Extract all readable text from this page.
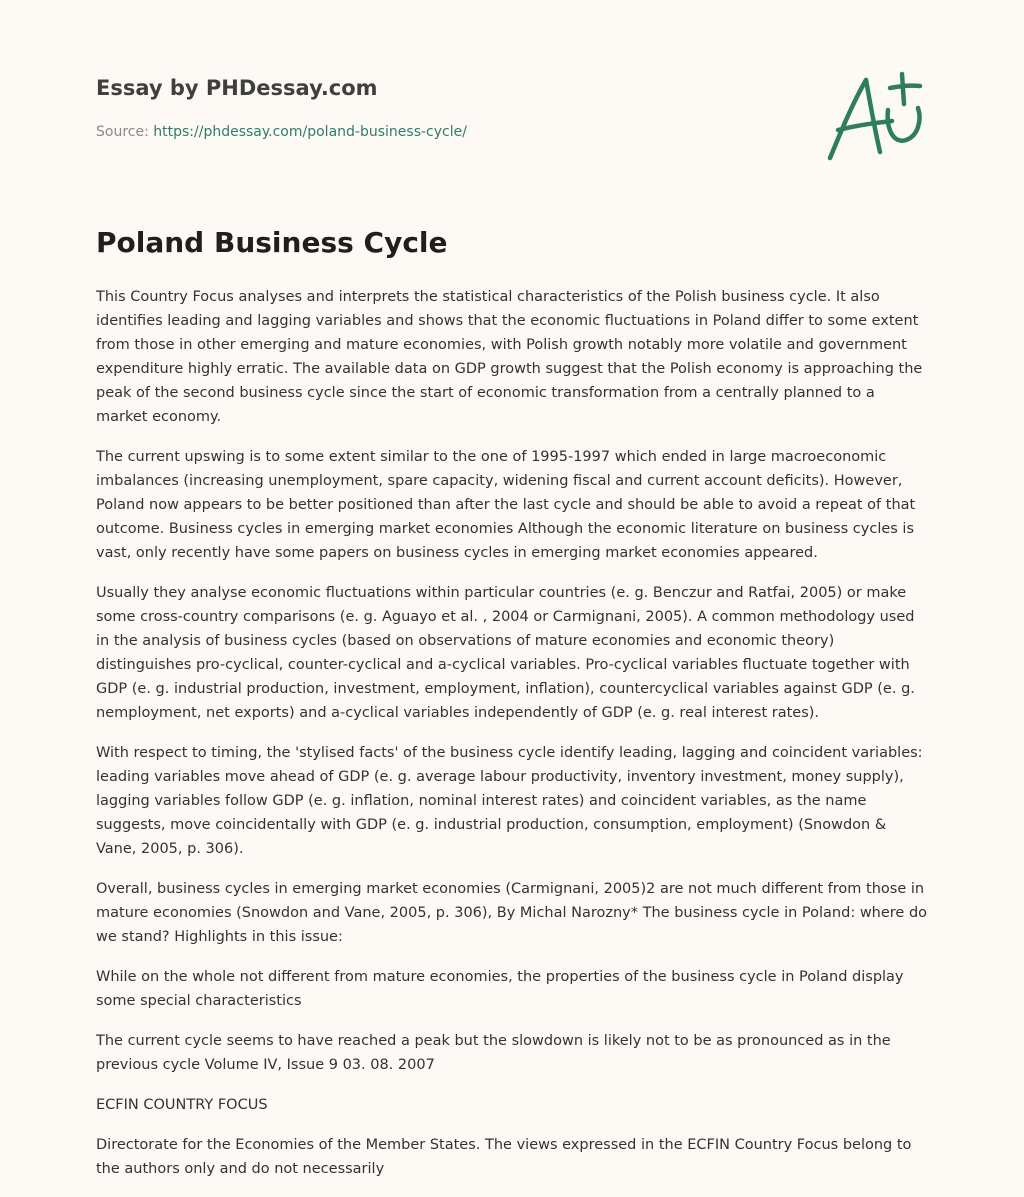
Essay by PHDessay.com
Source: https://phdessay.com/poland-business-cycle/
Poland Business Cycle

This Country Focus analyses and interprets the statistical characteristics of the Polish business cycle. It also identifies leading and lagging variables and shows that the economic fluctuations in Poland differ to some extent from those in other emerging and mature economies, with Polish growth notably more volatile and government expenditure highly erratic. The available data on GDP growth suggest that the Polish economy is approaching the peak of the second business cycle since the start of economic transformation from a centrally planned to a market economy.

The current upswing is to some extent similar to the one of 1995-1997 which ended in large macroeconomic imbalances (increasing unemployment, spare capacity, widening fiscal and current account deficits). However, Poland now appears to be better positioned than after the last cycle and should be able to avoid a repeat of that outcome. Business cycles in emerging market economies Although the economic literature on business cycles is vast, only recently have some papers on business cycles in emerging market economies appeared.

Usually they analyse economic fluctuations within particular countries (e. g. Benczur and Ratfai, 2005) or make some cross-country comparisons (e. g. Aguayo et al. , 2004 or Carmignani, 2005). A common methodology used in the analysis of business cycles (based on observations of mature economies and economic theory) distinguishes pro-cyclical, counter-cyclical and a-cyclical variables. Pro-cyclical variables fluctuate together with GDP (e. g. industrial production, investment, employment, inflation), countercyclical variables against GDP (e. g. nemployment, net exports) and a-cyclical variables independently of GDP (e. g. real interest rates).

With respect to timing, the 'stylised facts' of the business cycle identify leading, lagging and coincident variables: leading variables move ahead of GDP (e. g. average labour productivity, inventory investment, money supply), lagging variables follow GDP (e. g. inflation, nominal interest rates) and coincident variables, as the name suggests, move coincidentally with GDP (e. g. industrial production, consumption, employment) (Snowdon & Vane, 2005, p. 306).

Overall, business cycles in emerging market economies (Carmignani, 2005)2 are not much different from those in mature economies (Snowdon and Vane, 2005, p. 306), By Michal Narozny* The business cycle in Poland: where do we stand? Highlights in this issue:

While on the whole not different from mature economies, the properties of the business cycle in Poland display some special characteristics

The current cycle seems to have reached a peak but the slowdown is likely not to be as pronounced as in the previous cycle Volume IV, Issue 9 03. 08. 2007

ECFIN COUNTRY FOCUS

Directorate for the Economies of the Member States. The views expressed in the ECFIN Country Focus belong to the authors only and do not necessarily
